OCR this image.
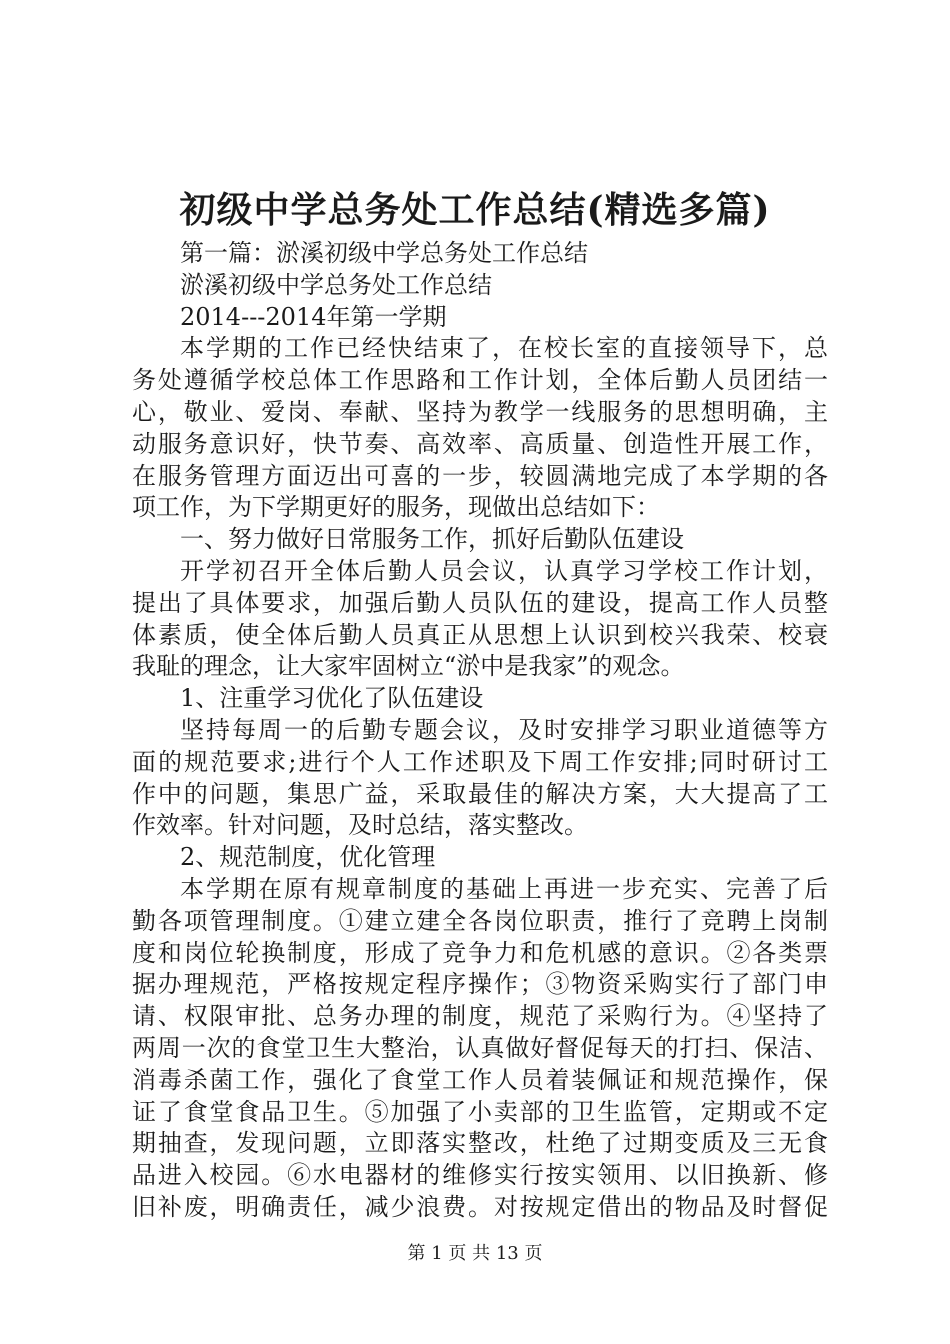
初级中学总务处工作总结(精选多篇)
第一篇：淤溪初级中学总务处工作总结
淤溪初级中学总务处工作总结
2014---2014年第一学期
本学期的工作已经快结束了，在校长室的直接领导下，总
务处遵循学校总体工作思路和工作计划，全体后勤人员团结一
心，敬业、爱岗、奉献、坚持为教学一线服务的思想明确，主
动服务意识好，快节奏、高效率、高质量、创造性开展工作，
在服务管理方面迈出可喜的一步，较圆满地完成了本学期的各
项工作，为下学期更好的服务，现做出总结如下：
一、努力做好日常服务工作，抓好后勤队伍建设
开学初召开全体后勤人员会议，认真学习学校工作计划，
提出了具体要求，加强后勤人员队伍的建设，提高工作人员整
体素质，使全体后勤人员真正从思想上认识到校兴我荣、校衰
我耻的理念，让大家牢固树立“淤中是我家”的观念。
1、注重学习优化了队伍建设
坚持每周一的后勤专题会议，及时安排学习职业道德等方
面的规范要求;进行个人工作述职及下周工作安排;同时研讨工
作中的问题，集思广益，采取最佳的解决方案，大大提高了工
作效率。针对问题，及时总结，落实整改。
2、规范制度，优化管理
本学期在原有规章制度的基础上再进一步充实、完善了后
勤各项管理制度。①建立建全各岗位职责，推行了竞聘上岗制
度和岗位轮换制度，形成了竞争力和危机感的意识。②各类票
据办理规范，严格按规定程序操作；③物资采购实行了部门申
请、权限审批、总务办理的制度，规范了采购行为。④坚持了
两周一次的食堂卫生大整治，认真做好督促每天的打扫、保洁、
消毒杀菌工作，强化了食堂工作人员着装佩证和规范操作，保
证了食堂食品卫生。⑤加强了小卖部的卫生监管，定期或不定
期抽查，发现问题，立即落实整改，杜绝了过期变质及三无食
品进入校园。⑥水电器材的维修实行按实领用、以旧换新、修
旧补废，明确责任，减少浪费。对按规定借出的物品及时督促
第 1 页 共 13 页
